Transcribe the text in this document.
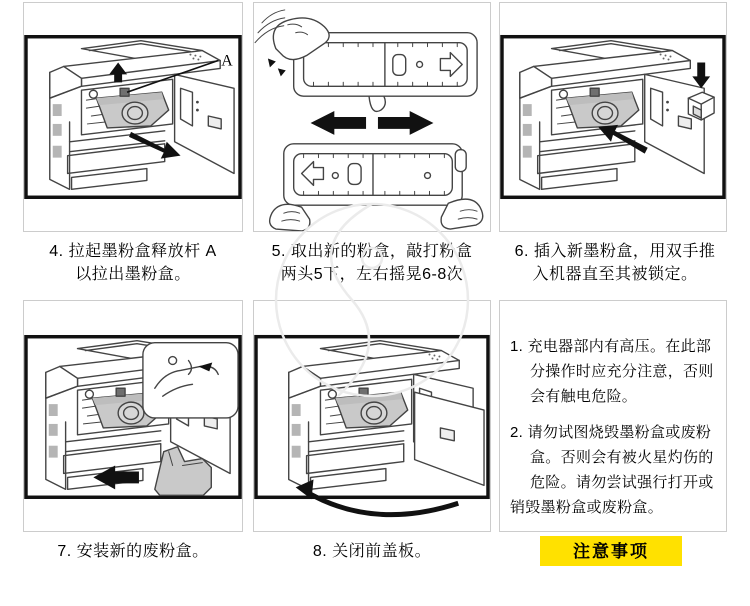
A
4. 拉起墨粉盒释放杆 A
以拉出墨粉盒。
5. 取出新的粉盒，敲打粉盒
两头5下，左右摇晃6-8次
6. 插入新墨粉盒，用双手推
入机器直至其被锁定。
1. 充电器部内有高压。在此部
分操作时应充分注意，否则
会有触电危险。
2. 请勿试图烧毁墨粉盒或废粉
盒。否则会有被火星灼伤的
危险。请勿尝试强行打开或
销毁墨粉盒或废粉盒。
7. 安装新的废粉盒。	8. 关闭前盖板。	注意事项
